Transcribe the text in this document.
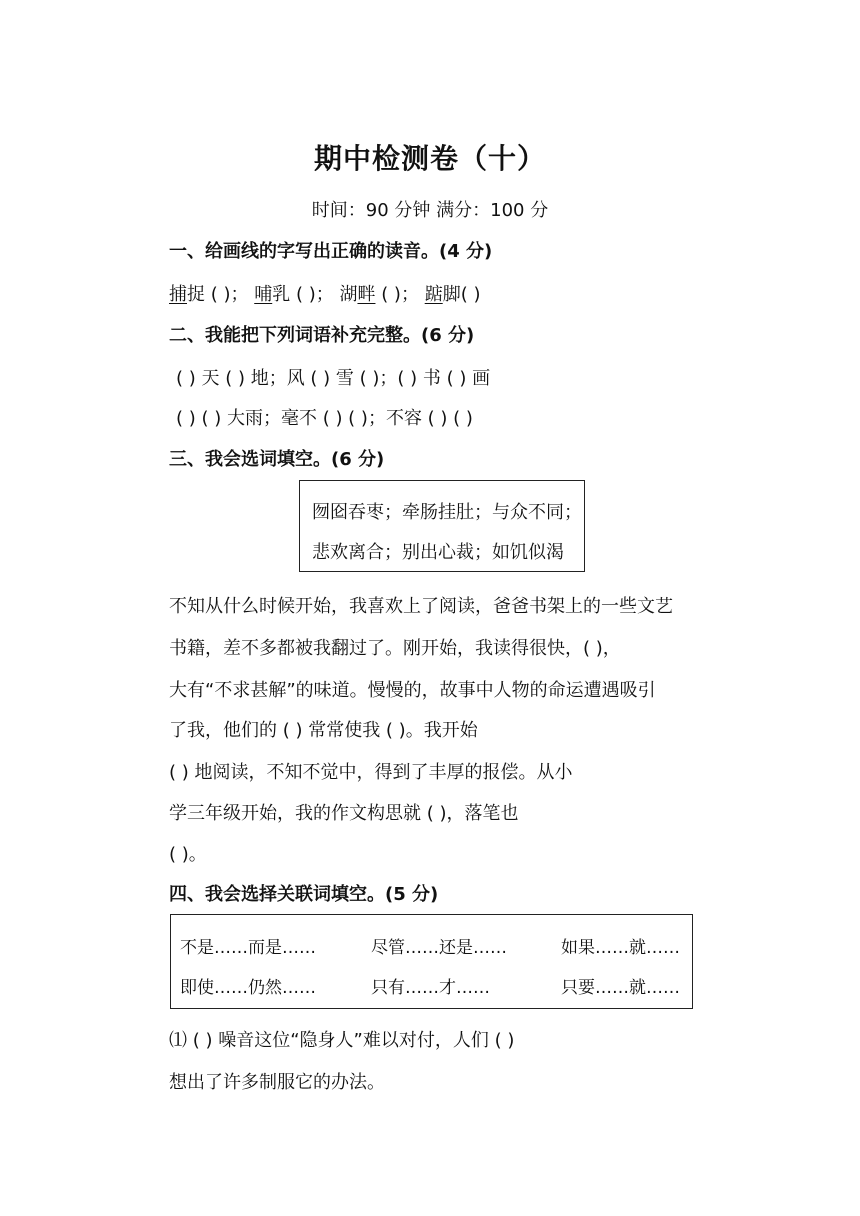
期中检测卷（十）
时间：90 分钟 满分：100 分
一、给画线的字写出正确的读音。(4 分)
捕捉 ( )； 哺乳 ( )； 湖畔 ( )； 踮脚( )
二、我能把下列词语补充完整。(6 分)
( ) 天 ( ) 地；风 ( ) 雪 ( )；( ) 书 ( ) 画
( ) ( ) 大雨；毫不 ( ) ( )；不容 ( ) ( )
三、我会选词填空。(6 分)
囫囵吞枣；牵肠挂肚；与众不同；
悲欢离合；别出心裁；如饥似渴
不知从什么时候开始，我喜欢上了阅读，爸爸书架上的一些文艺
书籍，差不多都被我翻过了。刚开始，我读得很快，( )，
大有“不求甚解”的味道。慢慢的，故事中人物的命运遭遇吸引
了我，他们的 ( ) 常常使我 ( )。我开始
( ) 地阅读，不知不觉中，得到了丰厚的报偿。从小
学三年级开始，我的作文构思就 ( )，落笔也
( )。
四、我会选择关联词填空。(5 分)
不是……而是……	尽管……还是……	如果……就……
即使……仍然……	只有……才……	只要……就……
⑴ ( ) 噪音这位“隐身人”难以对付，人们 ( )
想出了许多制服它的办法。
